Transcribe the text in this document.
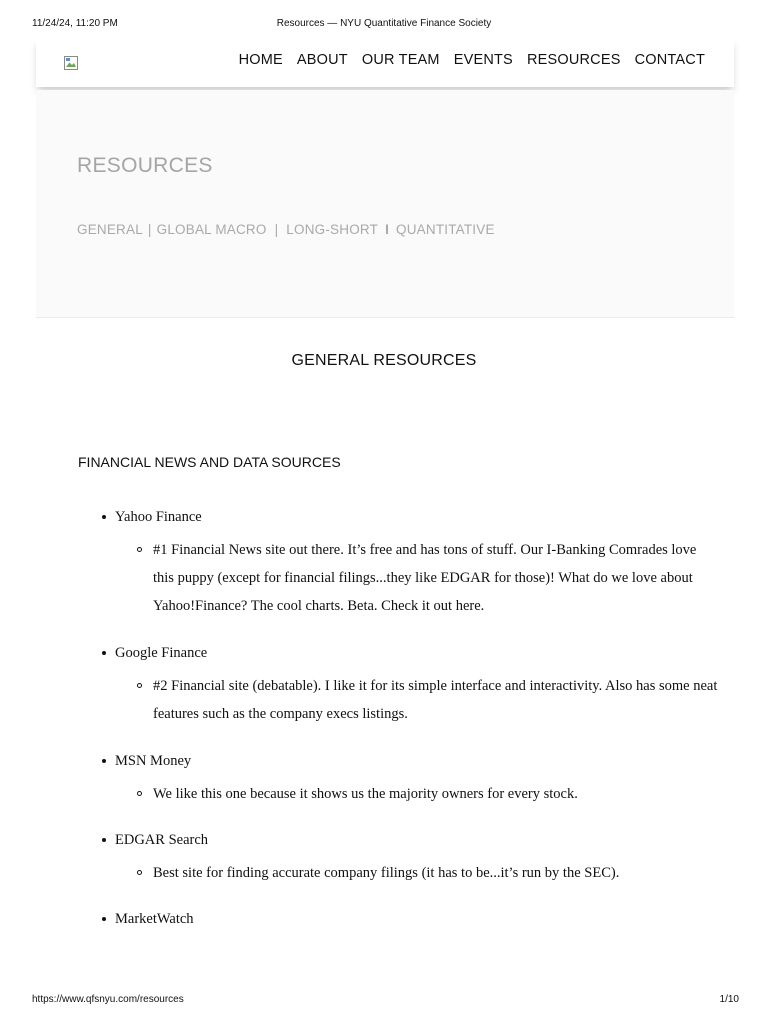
11/24/24, 11:20 PM	Resources — NYU Quantitative Finance Society
HOME ABOUT OUR TEAM EVENTS RESOURCES CONTACT
RESOURCES
GENERAL | GLOBAL MACRO | LONG-SHORT I QUANTITATIVE
GENERAL RESOURCES
FINANCIAL NEWS AND DATA SOURCES
Yahoo Finance
#1 Financial News site out there. It’s free and has tons of stuff. Our I-Banking Comrades love this puppy (except for financial filings...they like EDGAR for those)! What do we love about Yahoo!Finance? The cool charts. Beta. Check it out here.
Google Finance
#2 Financial site (debatable). I like it for its simple interface and interactivity. Also has some neat features such as the company execs listings.
MSN Money
We like this one because it shows us the majority owners for every stock.
EDGAR Search
Best site for finding accurate company filings (it has to be...it’s run by the SEC).
MarketWatch
https://www.qfsnyu.com/resources	1/10
